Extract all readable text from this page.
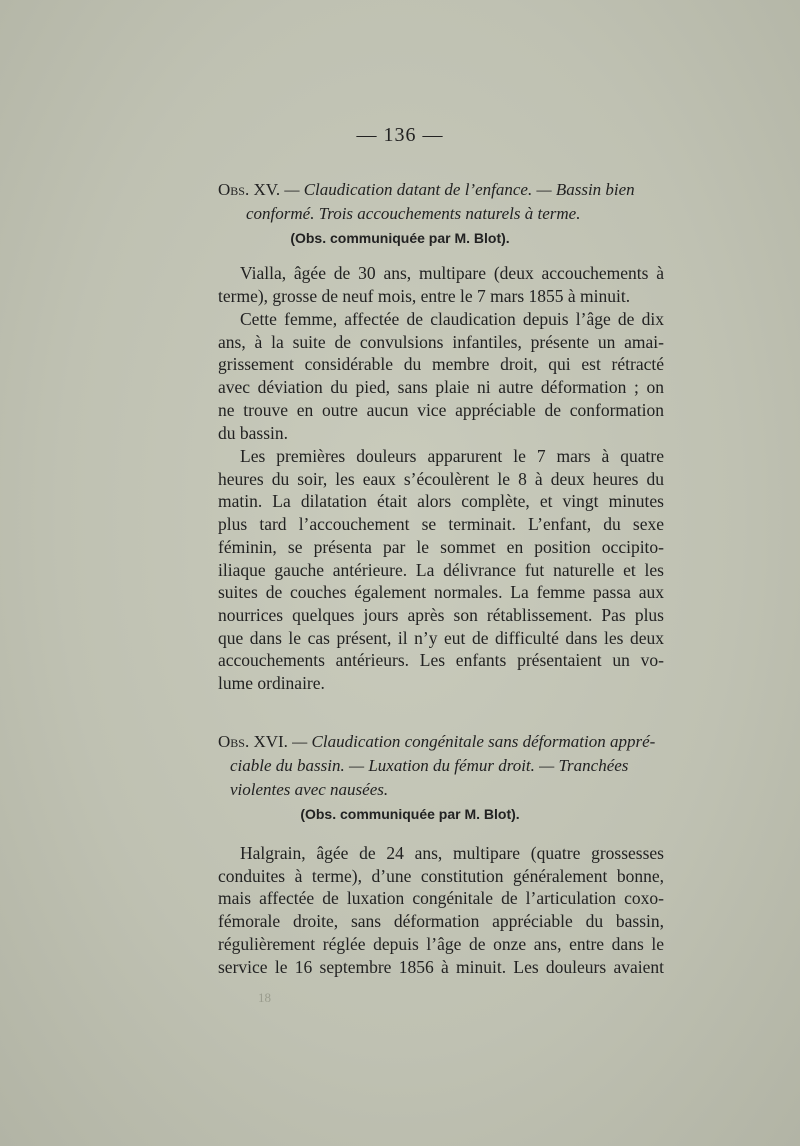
— 136 —
Obs. XV. — Claudication datant de l’enfance. — Bassin bien
conformé. Trois accouchements naturels à terme.
(Obs. communiquée par M. Blot).
Vialla, âgée de 30 ans, multipare (deux accouchements à
terme), grosse de neuf mois, entre le 7 mars 1855 à minuit.
Cette femme, affectée de claudication depuis l’âge de dix
ans, à la suite de convulsions infantiles, présente un amai-
grissement considérable du membre droit, qui est rétracté
avec déviation du pied, sans plaie ni autre déformation ; on
ne trouve en outre aucun vice appréciable de conformation
du bassin.
Les premières douleurs apparurent le 7 mars à quatre
heures du soir, les eaux s’écoulèrent le 8 à deux heures du
matin. La dilatation était alors complète, et vingt minutes
plus tard l’accouchement se terminait. L’enfant, du sexe
féminin, se présenta par le sommet en position occipito-
iliaque gauche antérieure. La délivrance fut naturelle et les
suites de couches également normales. La femme passa aux
nourrices quelques jours après son rétablissement. Pas plus
que dans le cas présent, il n’y eut de difficulté dans les deux
accouchements antérieurs. Les enfants présentaient un vo-
lume ordinaire.
Obs. XVI. — Claudication congénitale sans déformation appré-
ciable du bassin. — Luxation du fémur droit. — Tranchées
violentes avec nausées.
(Obs. communiquée par M. Blot).
Halgrain, âgée de 24 ans, multipare (quatre grossesses
conduites à terme), d’une constitution généralement bonne,
mais affectée de luxation congénitale de l’articulation coxo-
fémorale droite, sans déformation appréciable du bassin,
régulièrement réglée depuis l’âge de onze ans, entre dans le
service le 16 septembre 1856 à minuit. Les douleurs avaient
18
